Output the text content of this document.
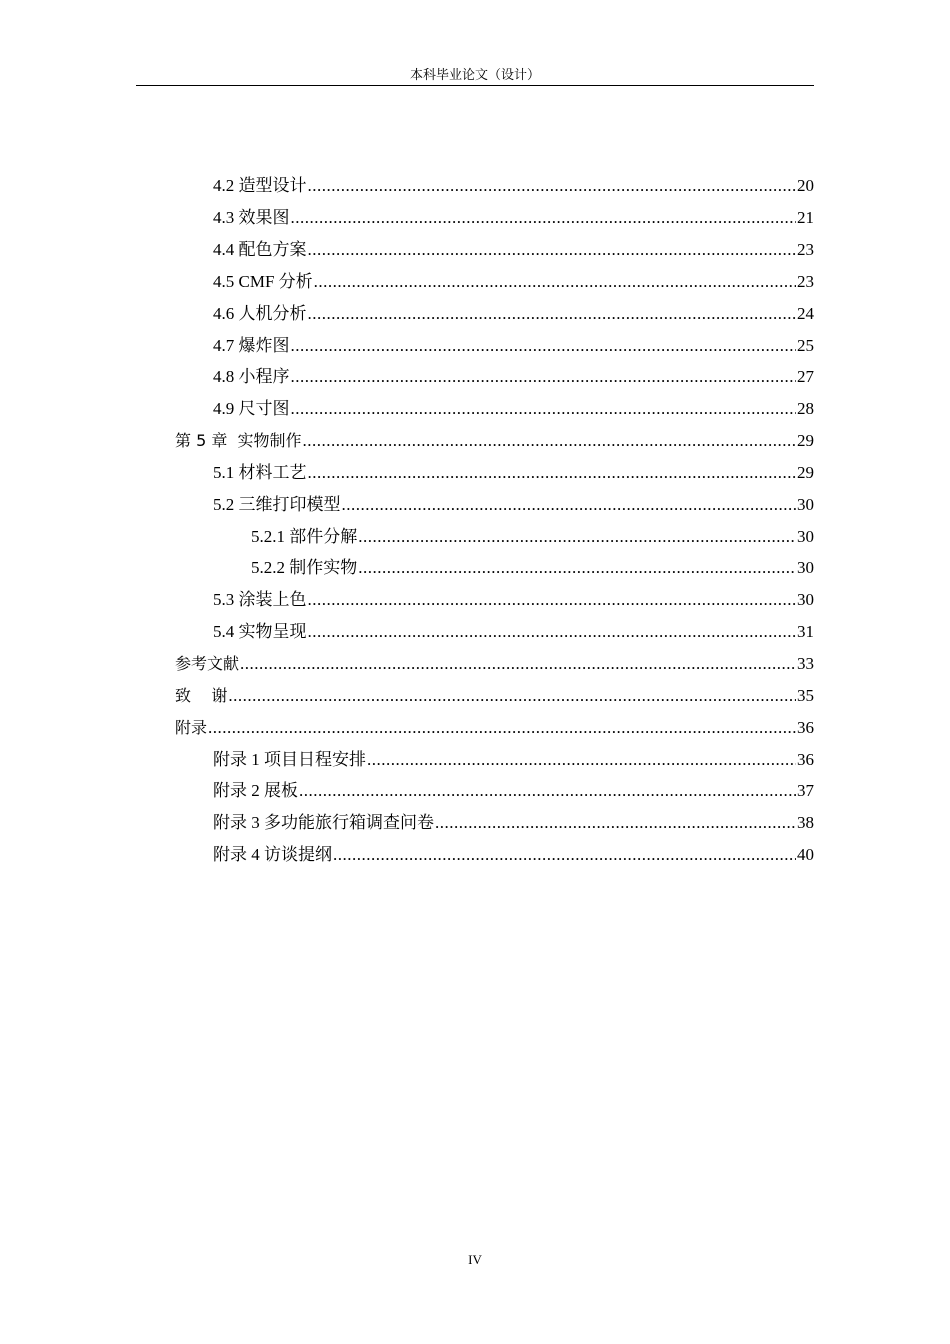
本科毕业论文（设计）
4.2 造型设计 .....	20
4.3 效果图 .....	21
4.4 配色方案 .....	23
4.5 CMF 分析 .....	23
4.6 人机分析 .....	24
4.7 爆炸图 .....	25
4.8 小程序 .....	27
4.9 尺寸图 .....	28
第 5 章  实物制作 .....	29
5.1 材料工艺 .....	29
5.2 三维打印模型 .....	30
5.2.1 部件分解 .....	30
5.2.2 制作实物 .....	30
5.3 涂装上色 .....	30
5.4 实物呈现 .....	31
参考文献 .....	33
致    谢 .....	35
附录 .....	36
附录 1 项目日程安排 .....	36
附录 2 展板 .....	37
附录 3 多功能旅行箱调查问卷 .....	38
附录 4 访谈提纲 .....	40
IV
